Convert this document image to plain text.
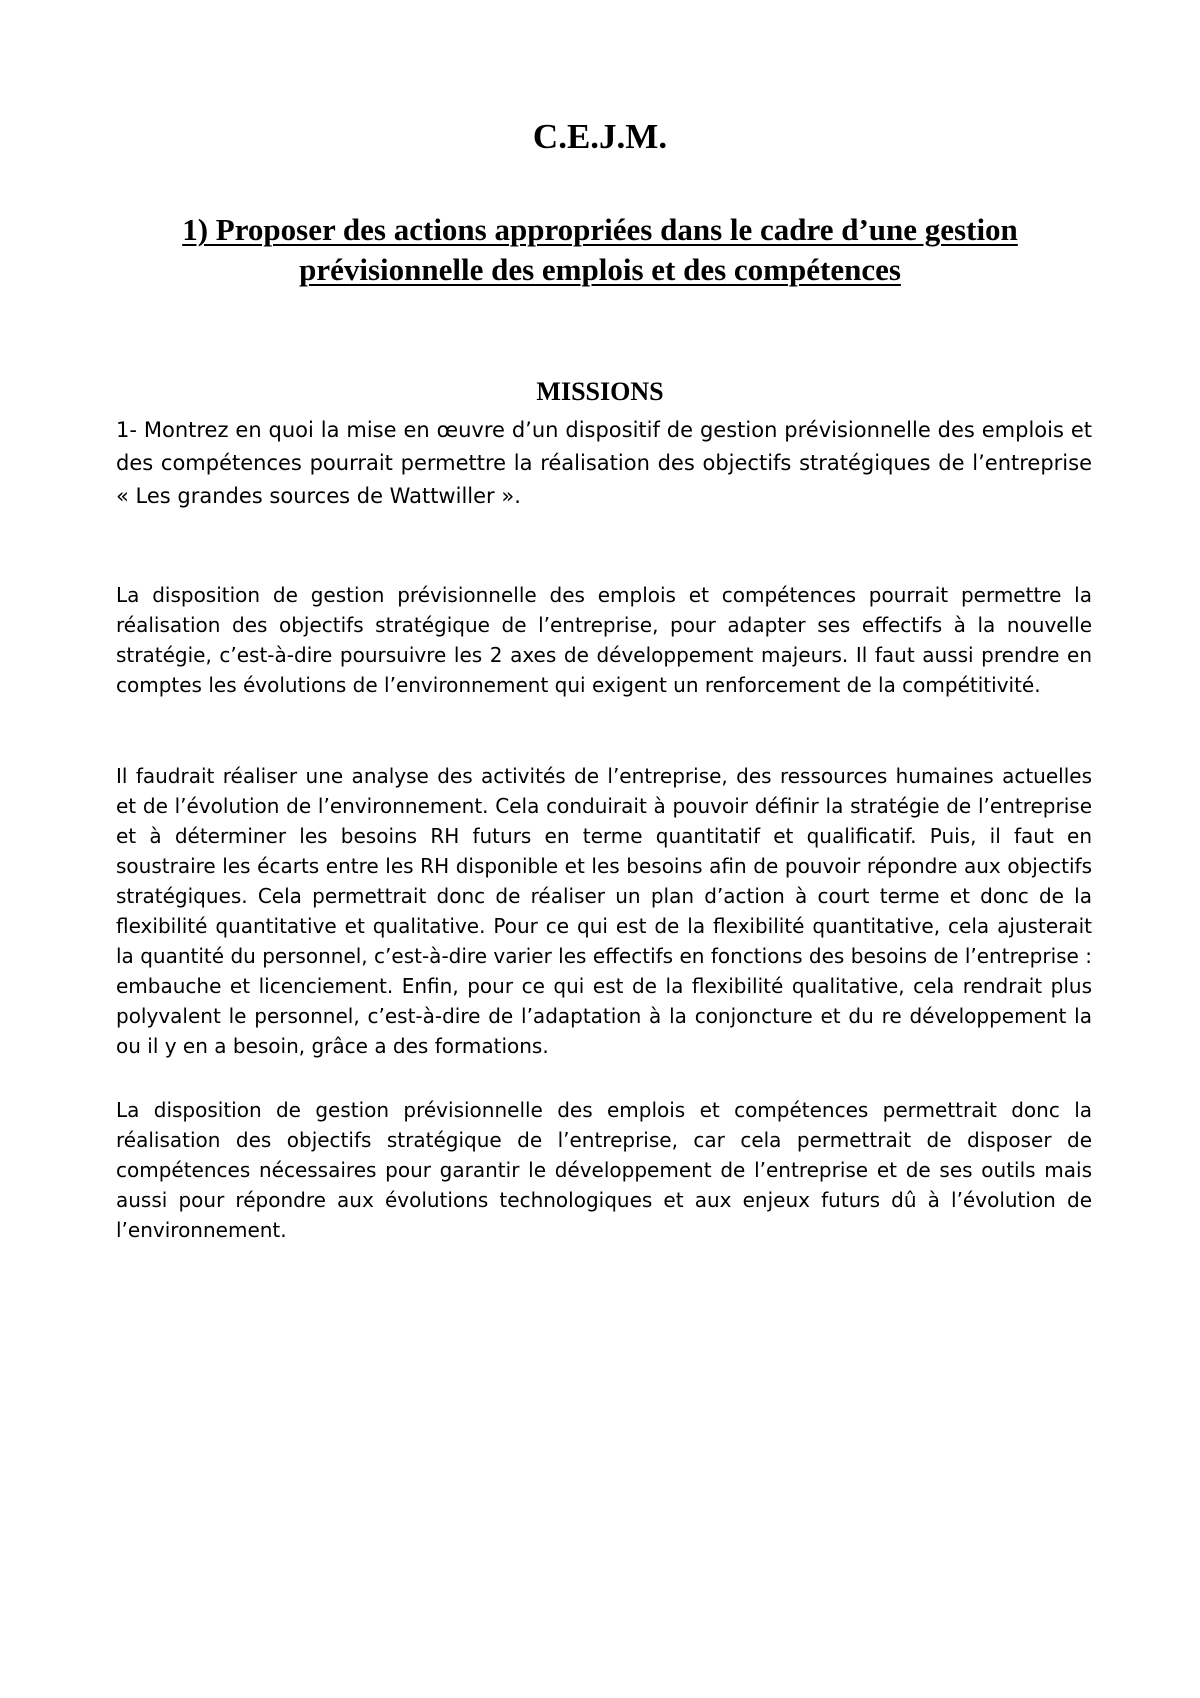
C.E.J.M.
1) Proposer des actions appropriées dans le cadre d’une gestion prévisionnelle des emplois et des compétences
MISSIONS

1- Montrez en quoi la mise en œuvre d’un dispositif de gestion prévisionnelle des emplois et des compétences pourrait permettre la réalisation des objectifs stratégiques de l’entreprise « Les grandes sources de Wattwiller ».

La disposition de gestion prévisionnelle des emplois et compétences pourrait permettre la réalisation des objectifs stratégique de l’entreprise, pour adapter ses effectifs à la nouvelle stratégie, c’est-à-dire poursuivre les 2 axes de développement majeurs. Il faut aussi prendre en comptes les évolutions de l’environnement qui exigent un renforcement de la compétitivité.

Il faudrait réaliser une analyse des activités de l’entreprise, des ressources humaines actuelles et de l’évolution de l’environnement. Cela conduirait à pouvoir définir la stratégie de l’entreprise et à déterminer les besoins RH futurs en terme quantitatif et qualificatif. Puis, il faut en soustraire les écarts entre les RH disponible et les besoins afin de pouvoir répondre aux objectifs stratégiques. Cela permettrait donc de réaliser un plan d’action à court terme et donc de la flexibilité quantitative et qualitative. Pour ce qui est de la flexibilité quantitative, cela ajusterait la quantité du personnel, c’est-à-dire varier les effectifs en fonctions des besoins de l’entreprise : embauche et licenciement. Enfin, pour ce qui est de la flexibilité qualitative, cela rendrait plus polyvalent le personnel, c’est-à-dire de l’adaptation à la conjoncture et du re développement la ou il y en a besoin, grâce a des formations.

La disposition de gestion prévisionnelle des emplois et compétences permettrait donc la réalisation des objectifs stratégique de l’entreprise, car cela permettrait de disposer de compétences nécessaires pour garantir le développement de l’entreprise et de ses outils mais aussi pour répondre aux évolutions technologiques et aux enjeux futurs dû à l’évolution de l’environnement.
